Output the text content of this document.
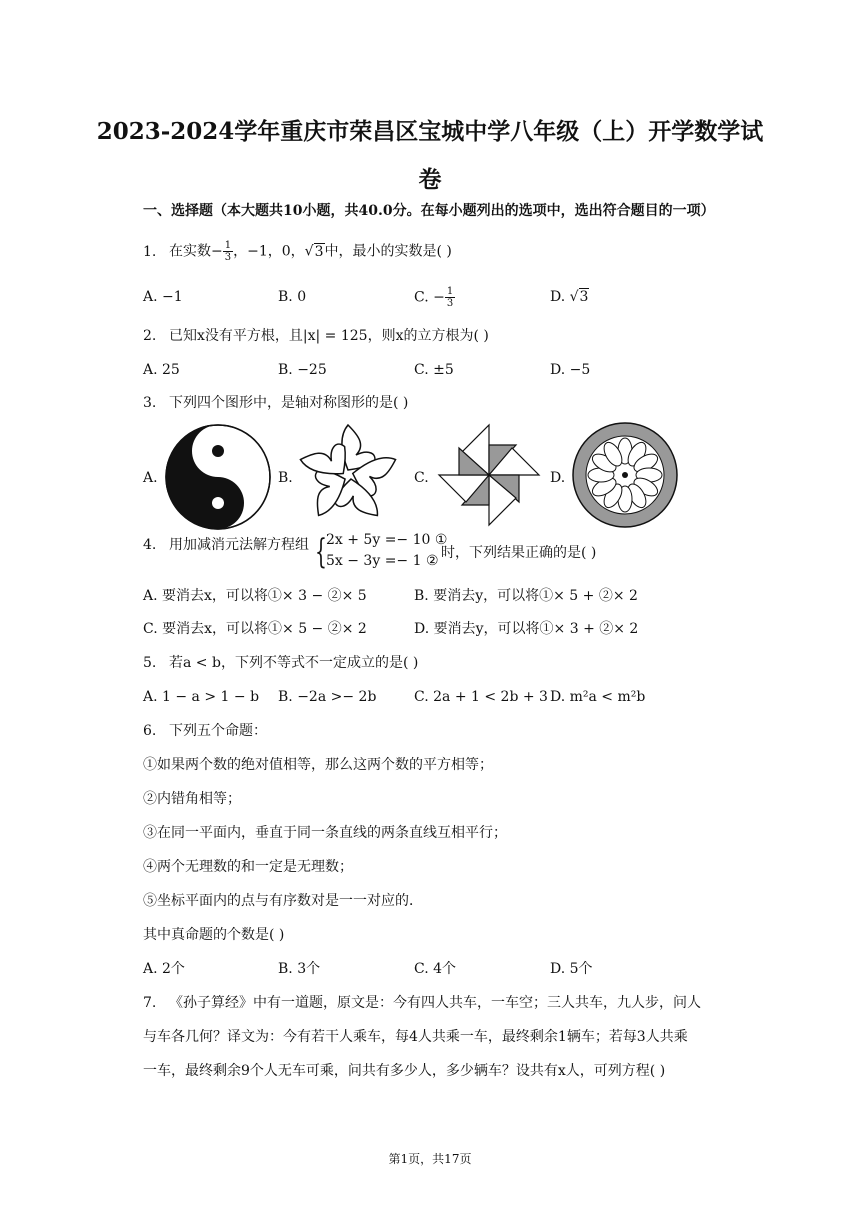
2023-2024学年重庆市荣昌区宝城中学八年级（上）开学数学试
卷
一、选择题（本大题共10小题，共40.0分。在每小题列出的选项中，选出符合题目的一项）
1. 在实数− $\frac{1}{3}$ ，−1，0，√3中，最小的实数是( )
A. −1	B. 0	C. − $\frac{1}{3}$	D. √3
2. 已知x没有平方根，且|x| = 125，则x的立方根为( )
A. 25	B. −25	C. ±5	D. −5
3. 下列四个图形中，是轴对称图形的是( )
A.	B.	C.	D.
4. 用加减消元法解方程组 { 2x + 5y =− 10 ①
5x − 3y =− 1 ② 时，下列结果正确的是( )
A. 要消去x，可以将①× 3 − ②× 5	B. 要消去y，可以将①× 5 + ②× 2
C. 要消去x，可以将①× 5 − ②× 2	D. 要消去y，可以将①× 3 + ②× 2
5. 若a < b，下列不等式不一定成立的是( )
A. 1 − a > 1 − b B. −2a >− 2b	C. 2a + 1 < 2b + 3 D. m²a < m²b
6. 下列五个命题：
①如果两个数的绝对值相等，那么这两个数的平方相等；
②内错角相等；
③在同一平面内，垂直于同一条直线的两条直线互相平行；
④两个无理数的和一定是无理数；
⑤坐标平面内的点与有序数对是一一对应的．
其中真命题的个数是( )
A. 2个	B. 3个	C. 4个	D. 5个
7. 《孙子算经》中有一道题，原文是：今有四人共车，一车空；三人共车，九人步，问人
与车各几何？译文为：今有若干人乘车，每4人共乘一车，最终剩余1辆车；若每3人共乘
一车，最终剩余9个人无车可乘，问共有多少人，多少辆车？设共有x人，可列方程( )
第1页，共17页
